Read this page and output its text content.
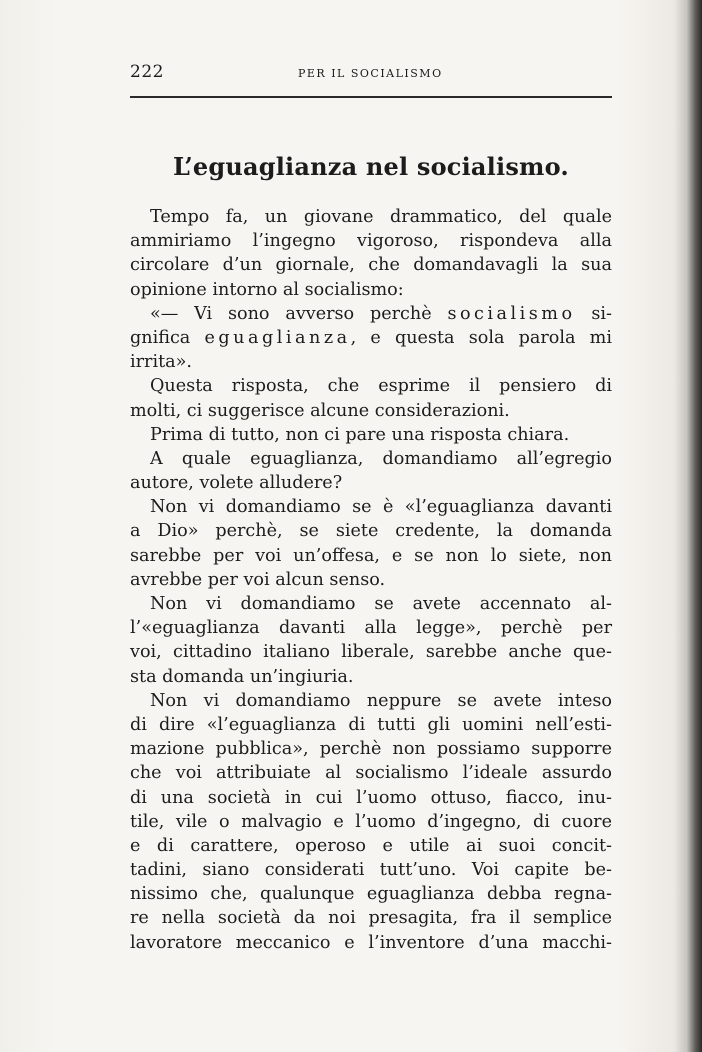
222	PER IL SOCIALISMO
L’eguaglianza nel socialismo.
Tempo fa, un giovane drammatico, del quale
ammiriamo l’ingegno vigoroso, rispondeva alla
circolare d’un giornale, che domandavagli la sua
opinione intorno al socialismo:
«— Vi sono avverso perchè socialismo si-
gnifica eguaglianza, e questa sola parola mi
irrita».
Questa risposta, che esprime il pensiero di
molti, ci suggerisce alcune considerazioni.
Prima di tutto, non ci pare una risposta chiara.
A quale eguaglianza, domandiamo all’egregio
autore, volete alludere?
Non vi domandiamo se è «l’eguaglianza davanti
a Dio» perchè, se siete credente, la domanda
sarebbe per voi un’offesa, e se non lo siete, non
avrebbe per voi alcun senso.
Non vi domandiamo se avete accennato al-
l’«eguaglianza davanti alla legge», perchè per
voi, cittadino italiano liberale, sarebbe anche que-
sta domanda un’ingiuria.
Non vi domandiamo neppure se avete inteso
di dire «l’eguaglianza di tutti gli uomini nell’esti-
mazione pubblica», perchè non possiamo supporre
che voi attribuiate al socialismo l’ideale assurdo
di una società in cui l’uomo ottuso, fiacco, inu-
tile, vile o malvagio e l’uomo d’ingegno, di cuore
e di carattere, operoso e utile ai suoi concit-
tadini, siano considerati tutt’uno. Voi capite be-
nissimo che, qualunque eguaglianza debba regna-
re nella società da noi presagita, fra il semplice
lavoratore meccanico e l’inventore d’una macchi-
